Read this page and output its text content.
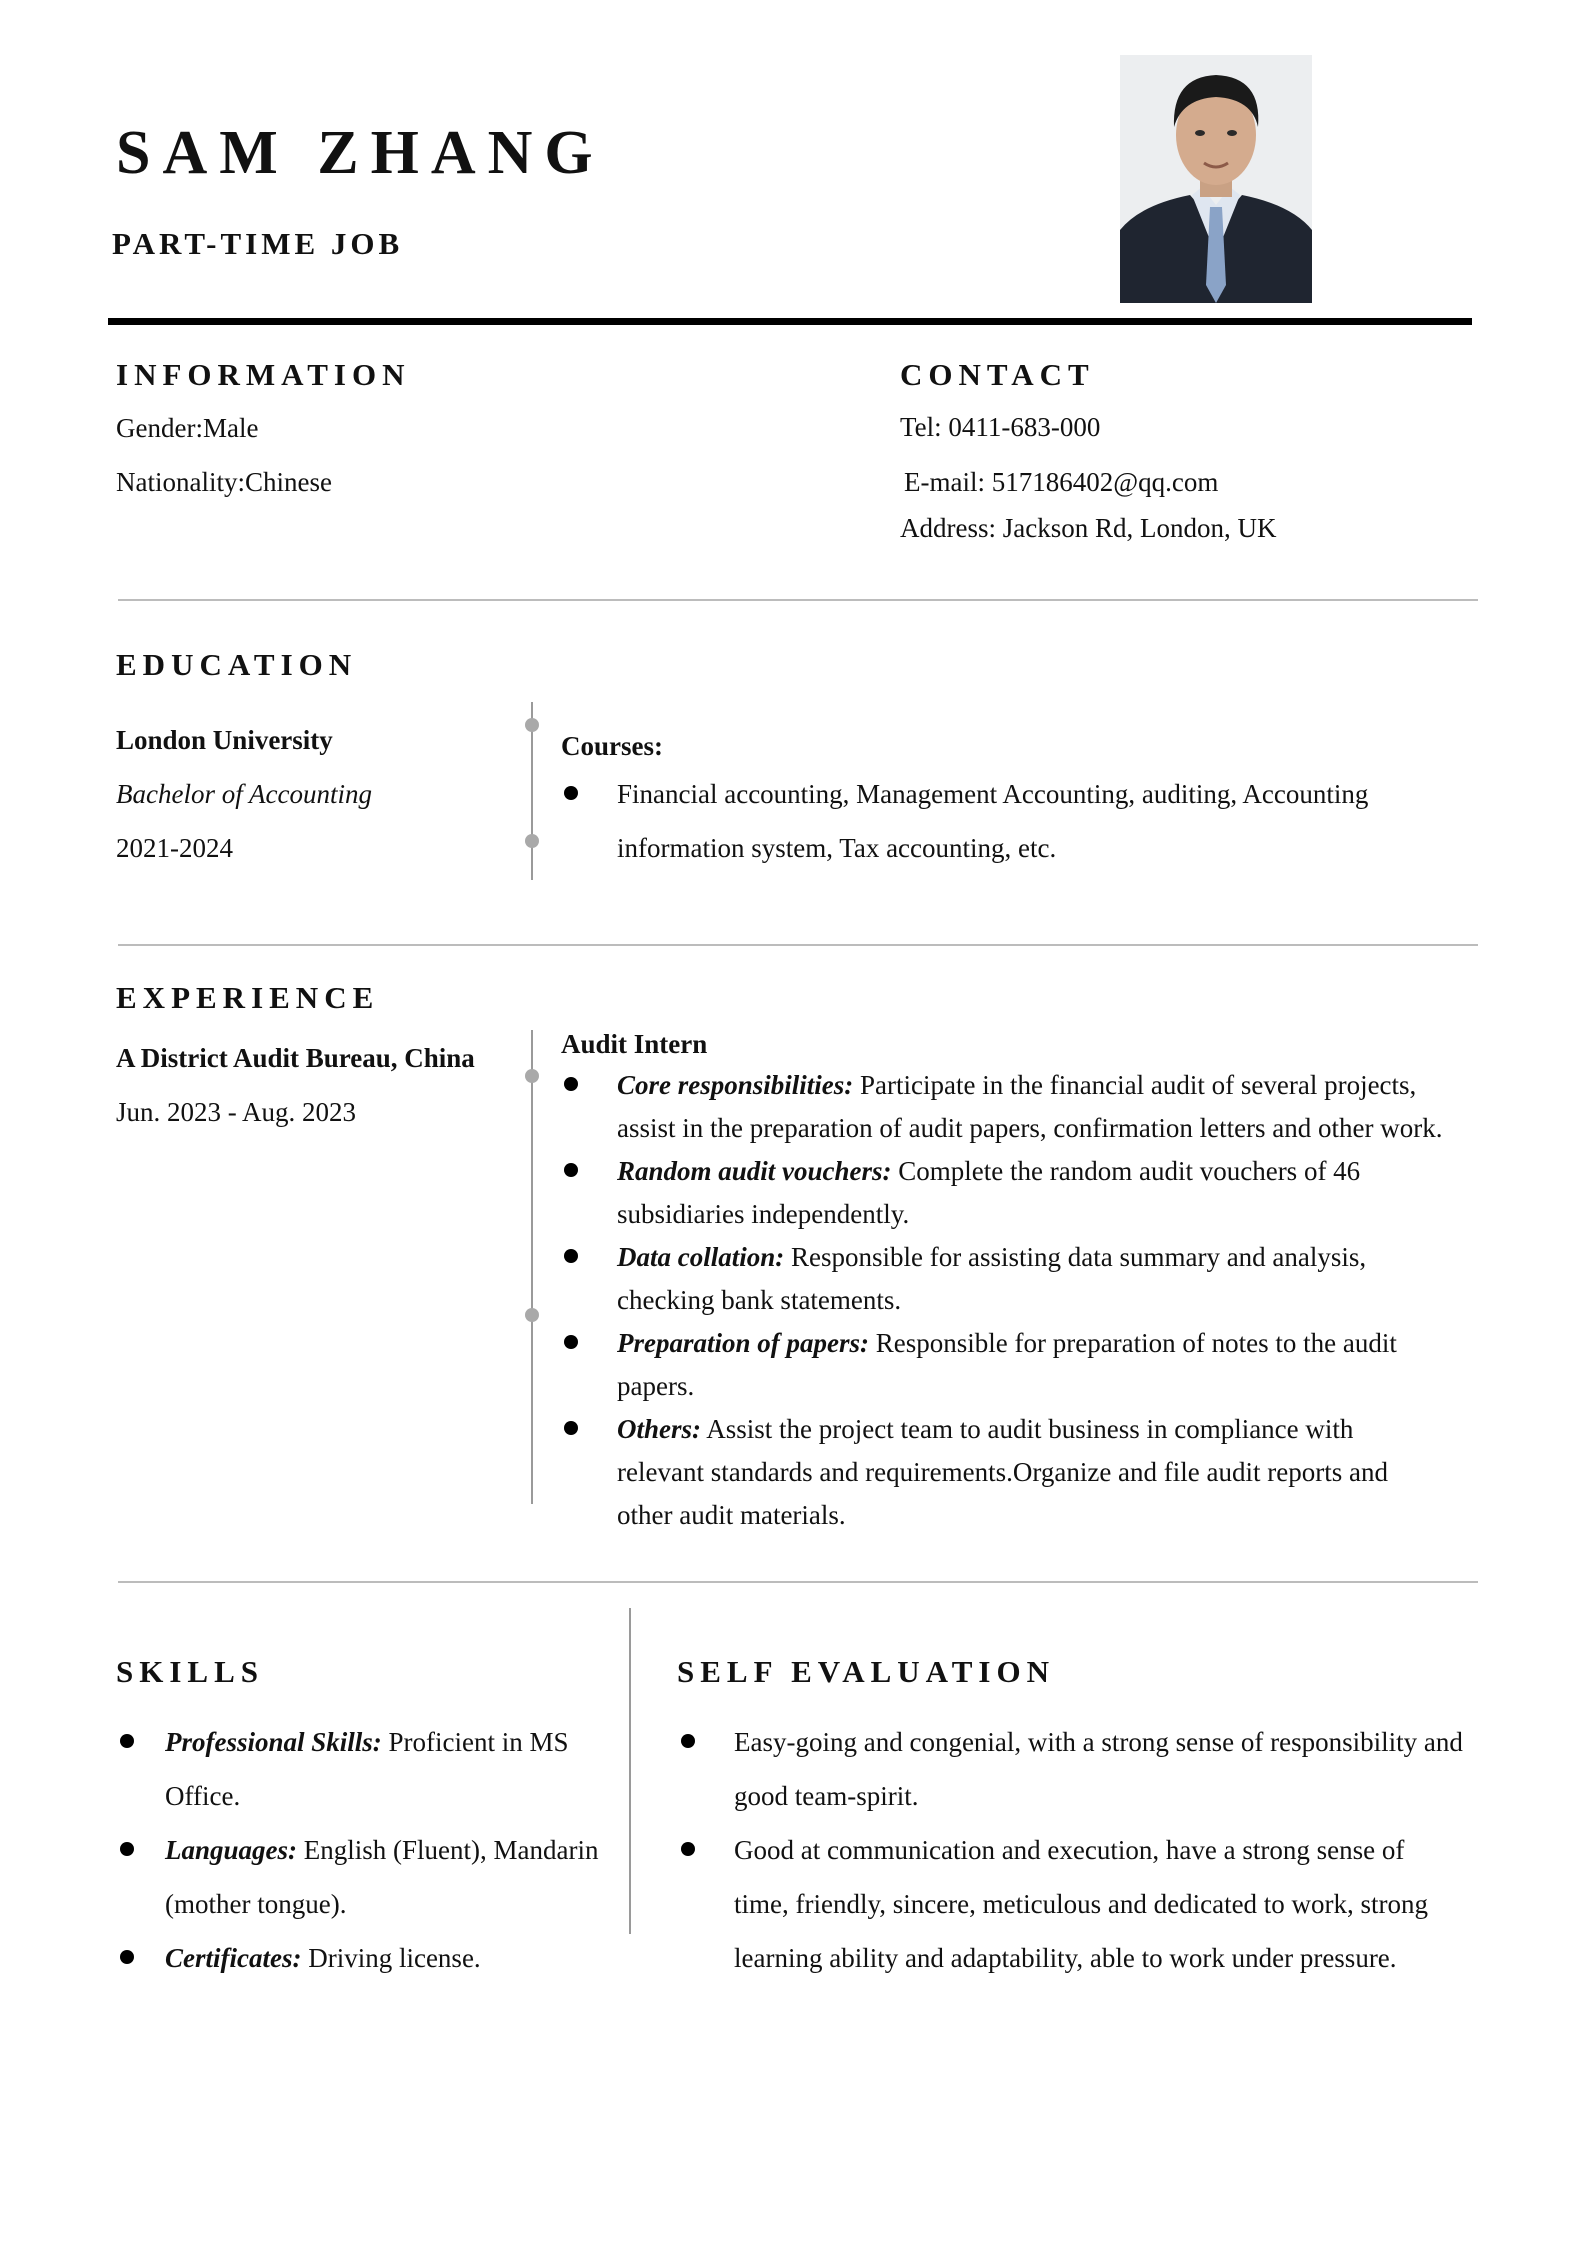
SAM ZHANG
PART-TIME JOB
INFORMATION
Gender:Male
Nationality:Chinese
CONTACT
Tel: 0411-683-000
E-mail: 517186402@qq.com
Address: Jackson Rd, London, UK
EDUCATION
London University
Bachelor of Accounting
2021-2024
Courses:
Financial accounting, Management Accounting, auditing, Accounting
information system, Tax accounting, etc.
EXPERIENCE
A District Audit Bureau, China
Jun. 2023 - Aug. 2023
Audit Intern
Core responsibilities: Participate in the financial audit of several projects,
assist in the preparation of audit papers, confirmation letters and other work.
Random audit vouchers: Complete the random audit vouchers of 46
subsidiaries independently.
Data collation: Responsible for assisting data summary and analysis,
checking bank statements.
Preparation of papers: Responsible for preparation of notes to the audit
papers.
Others: Assist the project team to audit business in compliance with
relevant standards and requirements.Organize and file audit reports and
other audit materials.
SKILLS
Professional Skills: Proficient in MS
Office.
Languages: English (Fluent), Mandarin
(mother tongue).
Certificates: Driving license.
SELF EVALUATION
Easy-going and congenial, with a strong sense of responsibility and
good team-spirit.
Good at communication and execution, have a strong sense of
time, friendly, sincere, meticulous and dedicated to work, strong
learning ability and adaptability, able to work under pressure.
